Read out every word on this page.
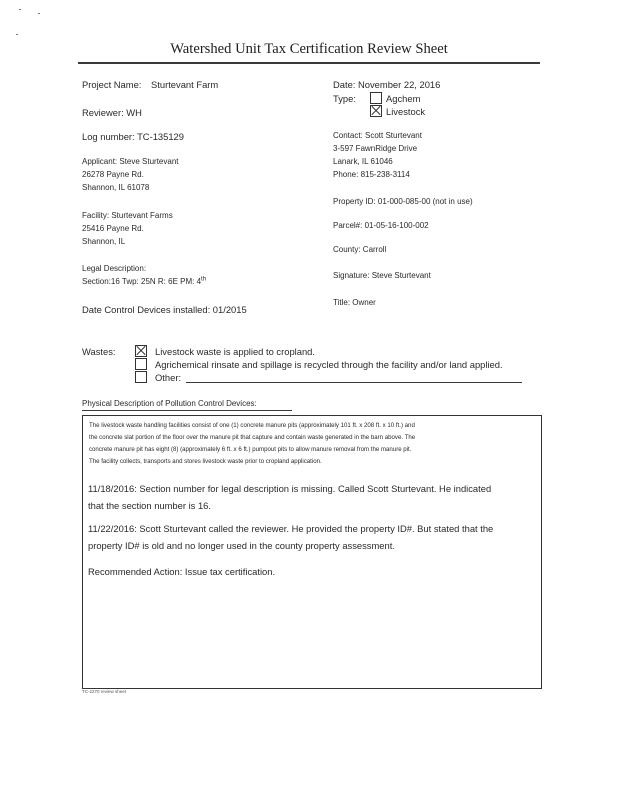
Watershed Unit Tax Certification Review Sheet
Project Name: Sturtevant Farm
Reviewer: WH
Log number: TC-135129
Applicant: Steve Sturtevant
26278 Payne Rd.
Shannon, IL 61078
Facility: Sturtevant Farms
25416 Payne Rd.
Shannon, IL
Legal Description:
Section:16 Twp: 25N R: 6E PM: 4th
Date Control Devices installed: 01/2015
Date: November 22, 2016
Type:	Agchem
Livestock
Contact: Scott Sturtevant
3-597 FawnRidge Drive
Lanark, IL 61046
Phone: 815-238-3114
Property ID: 01-000-085-00 (not in use)
Parcel#: 01-05-16-100-002
County: Carroll
Signature: Steve Sturtevant
Title: Owner
Wastes:	Livestock waste is applied to cropland.
Agrichemical rinsate and spillage is recycled through the facility and/or land applied.
Other:
Physical Description of Pollution Control Devices:
The livestock waste handling facilities consist of one (1) concrete manure pits (approximately 101 ft. x 208 ft. x 10 ft.) and
the concrete slat portion of the floor over the manure pit that capture and contain waste generated in the barn above. The
concrete manure pit has eight (8) (approximately 6 ft. x 6 ft.) pumpout pits to allow manure removal from the manure pit.
The facility collects, transports and stores livestock waste prior to cropland application.
11/18/2016: Section number for legal description is missing. Called Scott Sturtevant. He indicated
that the section number is 16.
11/22/2016: Scott Sturtevant called the reviewer. He provided the property ID#. But stated that the
property ID# is old and no longer used in the county property assessment.
Recommended Action: Issue tax certification.
TC-2270 review sheet
